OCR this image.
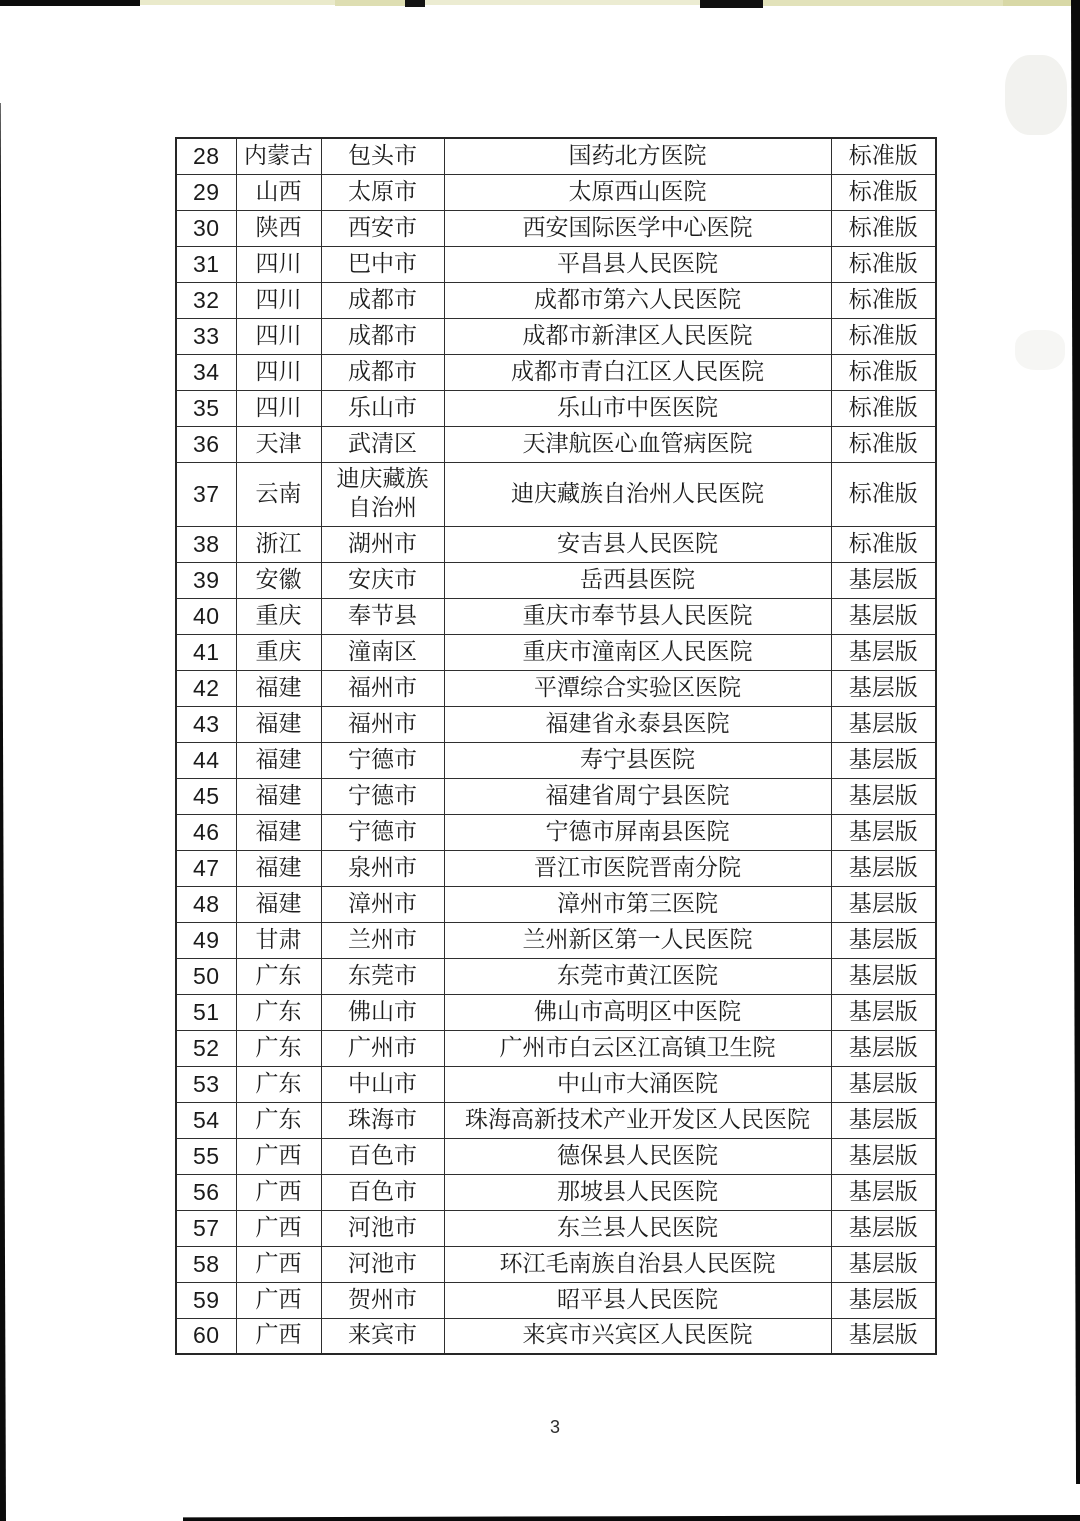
28	内蒙古	包头市	国药北方医院	标准版
29	山西	太原市	太原西山医院	标准版
30	陕西	西安市	西安国际医学中心医院	标准版
31	四川	巴中市	平昌县人民医院	标准版
32	四川	成都市	成都市第六人民医院	标准版
33	四川	成都市	成都市新津区人民医院	标准版
34	四川	成都市	成都市青白江区人民医院	标准版
35	四川	乐山市	乐山市中医医院	标准版
36	天津	武清区	天津航医心血管病医院	标准版
37	云南	迪庆藏族自治州	迪庆藏族自治州人民医院	标准版
38	浙江	湖州市	安吉县人民医院	标准版
39	安徽	安庆市	岳西县医院	基层版
40	重庆	奉节县	重庆市奉节县人民医院	基层版
41	重庆	潼南区	重庆市潼南区人民医院	基层版
42	福建	福州市	平潭综合实验区医院	基层版
43	福建	福州市	福建省永泰县医院	基层版
44	福建	宁德市	寿宁县医院	基层版
45	福建	宁德市	福建省周宁县医院	基层版
46	福建	宁德市	宁德市屏南县医院	基层版
47	福建	泉州市	晋江市医院晋南分院	基层版
48	福建	漳州市	漳州市第三医院	基层版
49	甘肃	兰州市	兰州新区第一人民医院	基层版
50	广东	东莞市	东莞市黄江医院	基层版
51	广东	佛山市	佛山市高明区中医院	基层版
52	广东	广州市	广州市白云区江高镇卫生院	基层版
53	广东	中山市	中山市大涌医院	基层版
54	广东	珠海市	珠海高新技术产业开发区人民医院	基层版
55	广西	百色市	德保县人民医院	基层版
56	广西	百色市	那坡县人民医院	基层版
57	广西	河池市	东兰县人民医院	基层版
58	广西	河池市	环江毛南族自治县人民医院	基层版
59	广西	贺州市	昭平县人民医院	基层版
60	广西	来宾市	来宾市兴宾区人民医院	基层版
3
